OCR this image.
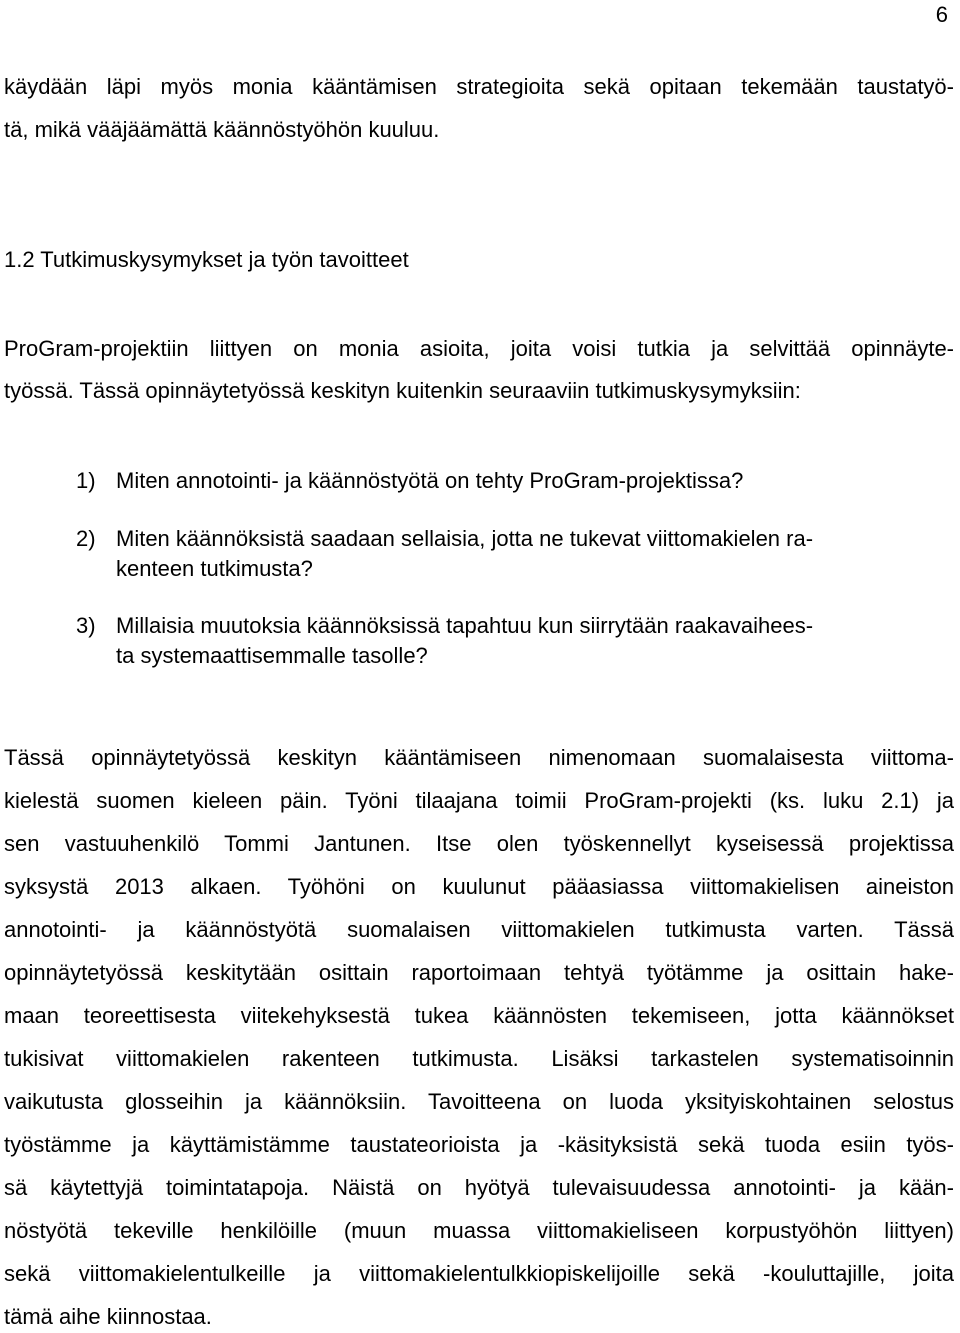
6
käydään läpi myös monia kääntämisen strategioita sekä opitaan tekemään taustatyö-
tä, mikä vääjäämättä käännöstyöhön kuuluu.
1.2 Tutkimuskysymykset ja työn tavoitteet
ProGram-projektiin liittyen on monia asioita, joita voisi tutkia ja selvittää opinnäyte-
työssä. Tässä opinnäytetyössä keskityn kuitenkin seuraaviin tutkimuskysymyksiin:
1) Miten annotointi- ja käännöstyötä on tehty ProGram-projektissa?
2) Miten käännöksistä saadaan sellaisia, jotta ne tukevat viittomakielen ra-
kenteen tutkimusta?
3) Millaisia muutoksia käännöksissä tapahtuu kun siirrytään raakavaihees-
ta systemaattisemmalle tasolle?
Tässä opinnäytetyössä keskityn kääntämiseen nimenomaan suomalaisesta viittoma-
kielestä suomen kieleen päin. Työni tilaajana toimii ProGram-projekti (ks. luku 2.1) ja
sen vastuuhenkilö Tommi Jantunen. Itse olen työskennellyt kyseisessä projektissa
syksystä 2013 alkaen. Työhöni on kuulunut pääasiassa viittomakielisen aineiston
annotointi- ja käännöstyötä suomalaisen viittomakielen tutkimusta varten. Tässä
opinnäytetyössä keskitytään osittain raportoimaan tehtyä työtämme ja osittain hake-
maan teoreettisesta viitekehyksestä tukea käännösten tekemiseen, jotta käännökset
tukisivat viittomakielen rakenteen tutkimusta. Lisäksi tarkastelen systematisoinnin
vaikutusta glosseihin ja käännöksiin. Tavoitteena on luoda yksityiskohtainen selostus
työstämme ja käyttämistämme taustateorioista ja -käsityksistä sekä tuoda esiin työs-
sä käytettyjä toimintatapoja. Näistä on hyötyä tulevaisuudessa annotointi- ja kään-
nöstyötä tekeville henkilöille (muun muassa viittomakieliseen korpustyöhön liittyen)
sekä viittomakielentulkeille ja viittomakielentulkkiopiskelijoille sekä -kouluttajille, joita
tämä aihe kiinnostaa.
